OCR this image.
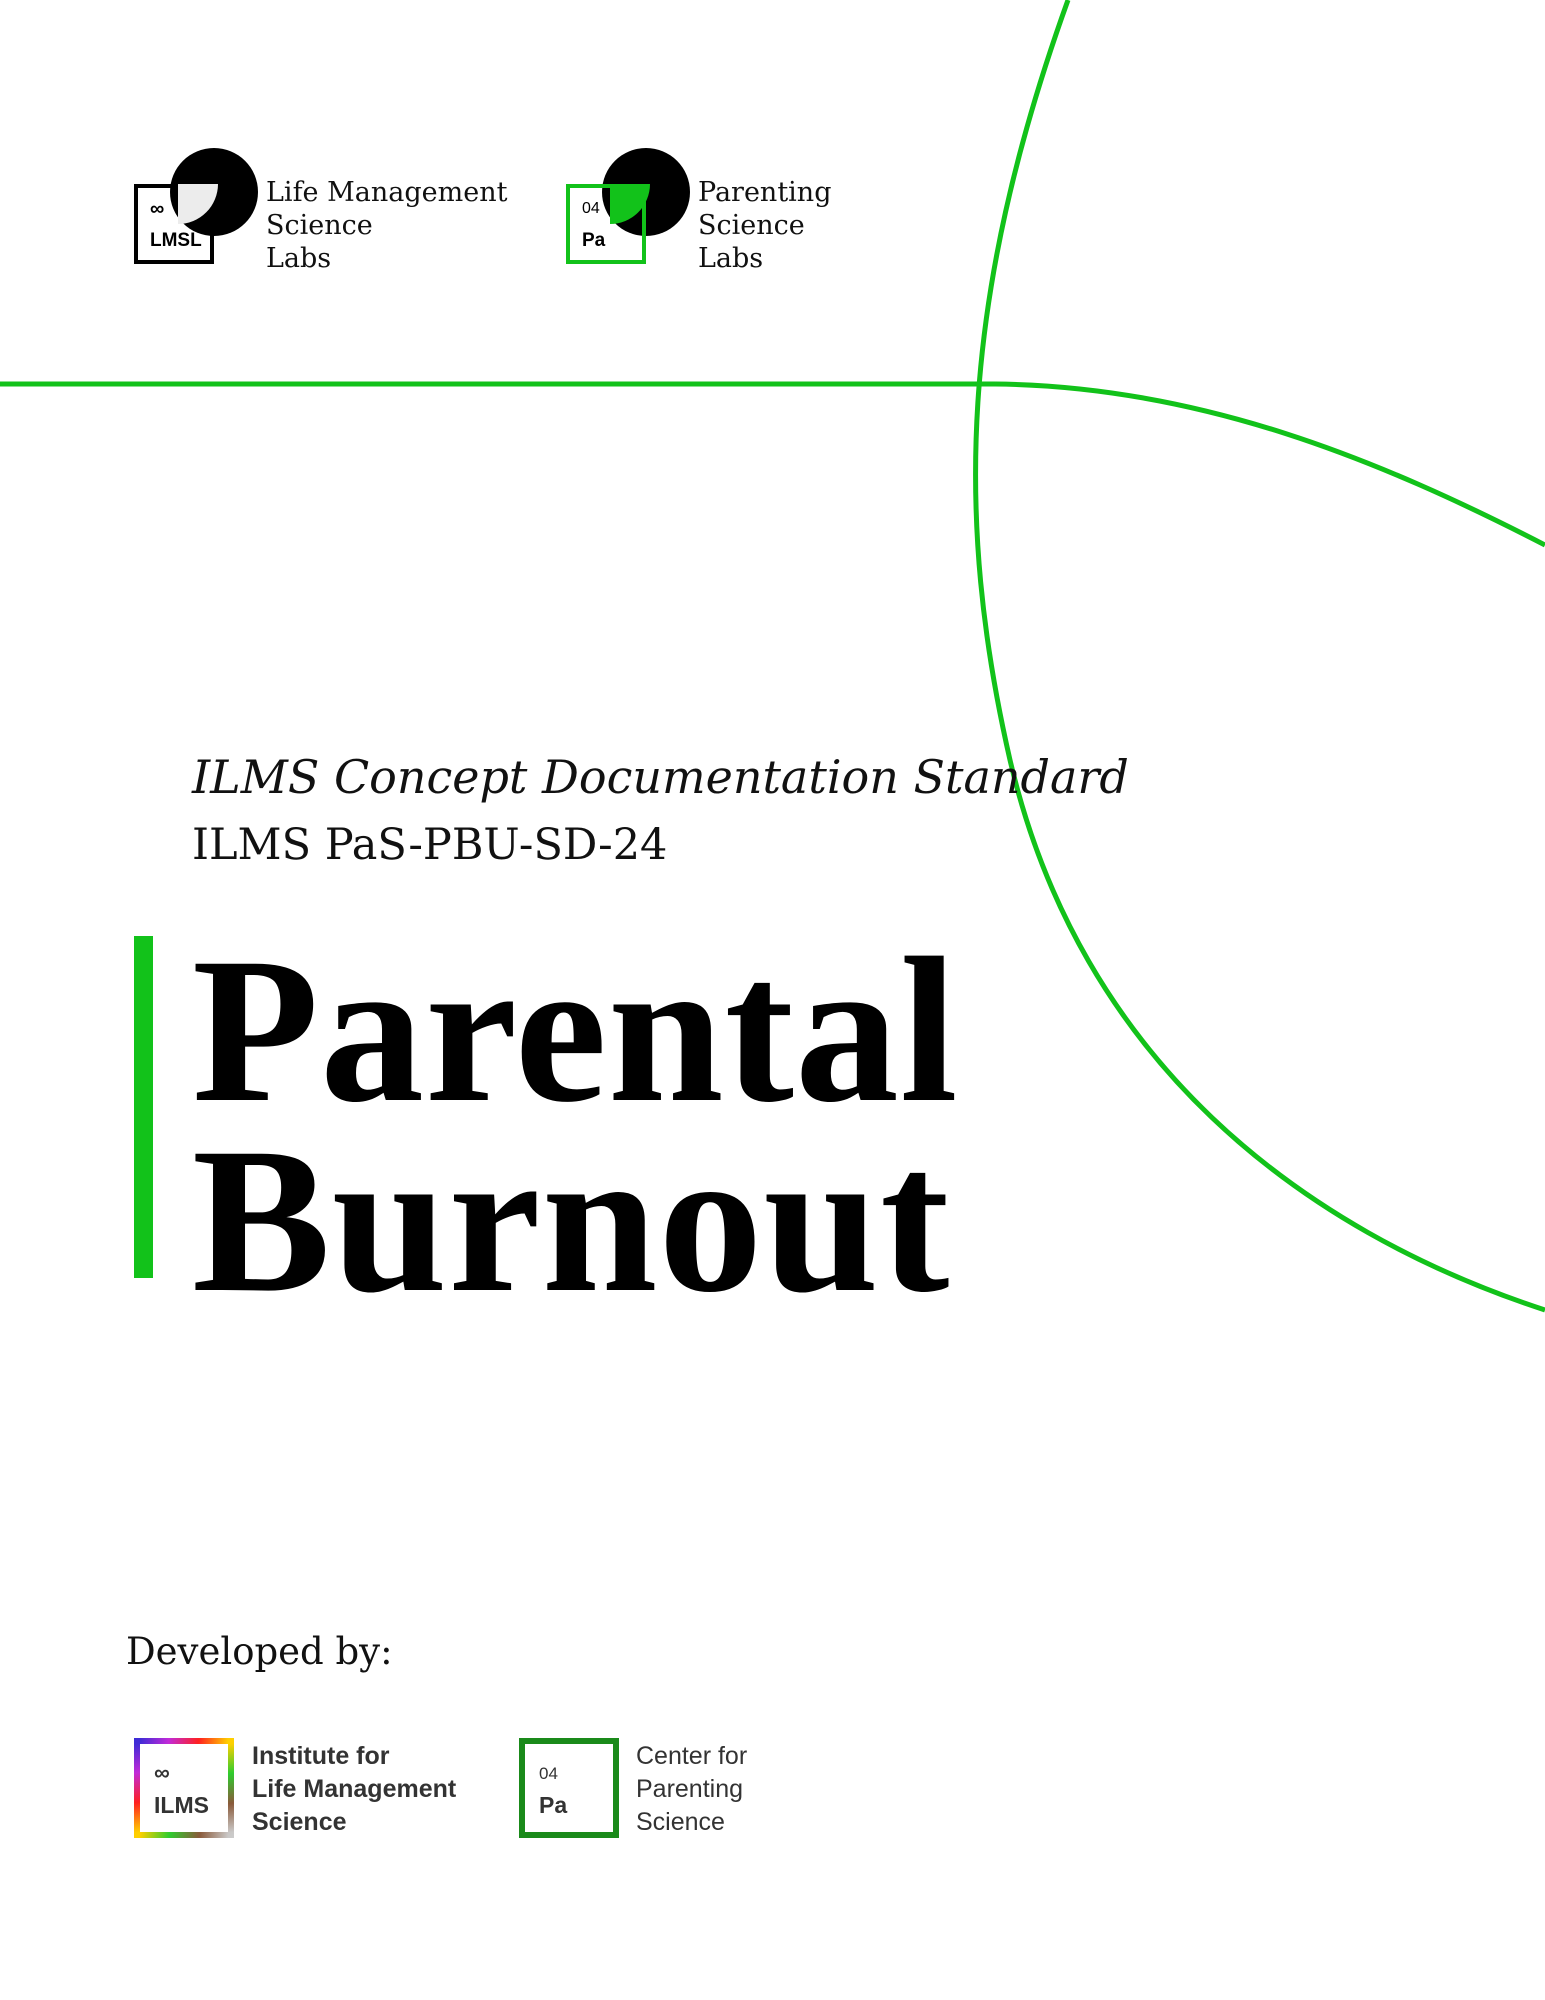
∞
LMSL
Life Management
Science
Labs
04
Pa
Parenting
Science
Labs
ILMS Concept Documentation Standard
ILMS PaS-PBU-SD-24
Parental
Burnout
Developed by:
∞
ILMS
Institute for
Life Management
Science
04
Pa
Center for
Parenting
Science
